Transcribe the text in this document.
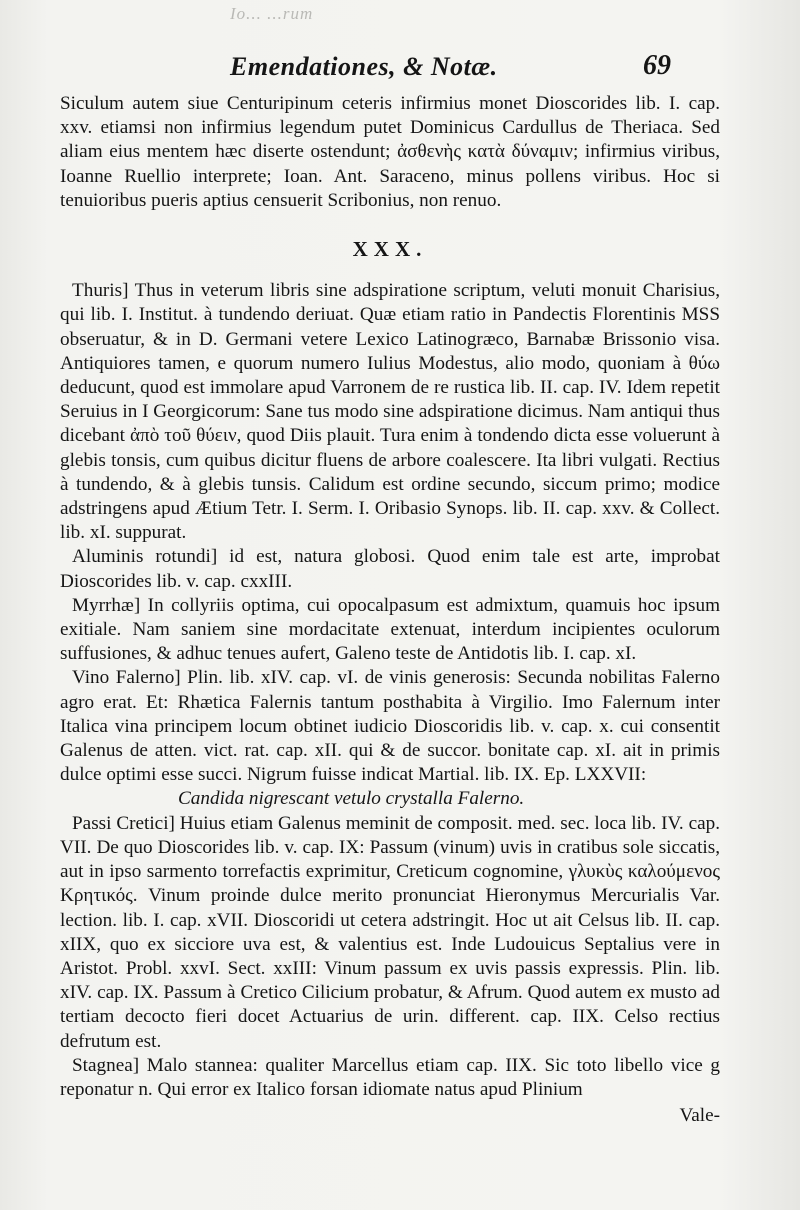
Io... ...rum
Emendationes, & Notæ.	69

Siculum autem siue Centuripinum ceteris infirmius monet Dioscorides lib. I. cap. xxv. etiamsi non infirmius legendum putet Dominicus Cardullus de Theriaca. Sed aliam eius mentem hæc diserte ostendunt; ἀσθενὴς κατὰ δύναμιν; infirmius viribus, Ioanne Ruellio interprete; Ioan. Ant. Saraceno, minus pollens viribus. Hoc si tenuioribus pueris aptius censuerit Scribonius, non renuo.

XXX.

Thuris] Thus in veterum libris sine adspiratione scriptum, veluti monuit Charisius, qui lib. I. Institut. à tundendo deriuat. Quæ etiam ratio in Pandectis Florentinis MSS obseruatur, & in D. Germani vetere Lexico Latinogræco, Barnabæ Brissonio visa. Antiquiores tamen, e quorum numero Iulius Modestus, alio modo, quoniam à θύω deducunt, quod est immolare apud Varronem de re rustica lib. II. cap. IV. Idem repetit Seruius in I Georgicorum: Sane tus modo sine adspiratione dicimus. Nam antiqui thus dicebant ἀπὸ τοῦ θύειν, quod Diis plauit. Tura enim à tondendo dicta esse voluerunt à glebis tonsis, cum quibus dicitur fluens de arbore coalescere. Ita libri vulgati. Rectius à tundendo, & à glebis tunsis. Calidum est ordine secundo, siccum primo; modice adstringens apud Ætium Tetr. I. Serm. I. Oribasio Synops. lib. II. cap. xxv. & Collect. lib. xI. suppurat.

Aluminis rotundi] id est, natura globosi. Quod enim tale est arte, improbat Dioscorides lib. v. cap. cxxIII.

Myrrhæ] In collyriis optima, cui opocalpasum est admixtum, quamuis hoc ipsum exitiale. Nam saniem sine mordacitate extenuat, interdum incipientes oculorum suffusiones, & adhuc tenues aufert, Galeno teste de Antidotis lib. I. cap. xI.

Vino Falerno] Plin. lib. xIV. cap. vI. de vinis generosis: Secunda nobilitas Falerno agro erat. Et: Rhætica Falernis tantum posthabita à Virgilio. Imo Falernum inter Italica vina principem locum obtinet iudicio Dioscoridis lib. v. cap. x. cui consentit Galenus de atten. vict. rat. cap. xII. qui & de succor. bonitate cap. xI. ait in primis dulce optimi esse succi. Nigrum fuisse indicat Martial. lib. IX. Ep. LXXVII:

Candida nigrescant vetulo crystalla Falerno.

Passi Cretici] Huius etiam Galenus meminit de composit. med. sec. loca lib. IV. cap. VII. De quo Dioscorides lib. v. cap. IX: Passum (vinum) uvis in cratibus sole siccatis, aut in ipso sarmento torrefactis exprimitur, Creticum cognomine, γλυκὺς καλούμενος Κρητικός. Vinum proinde dulce merito pronunciat Hieronymus Mercurialis Var. lection. lib. I. cap. xVII. Dioscoridi ut cetera adstringit. Hoc ut ait Celsus lib. II. cap. xIIX, quo ex sicciore uva est, & valentius est. Inde Ludouicus Septalius vere in Aristot. Probl. xxvI. Sect. xxIII: Vinum passum ex uvis passis expressis. Plin. lib. xIV. cap. IX. Passum à Cretico Cilicium probatur, & Afrum. Quod autem ex musto ad tertiam decocto fieri docet Actuarius de urin. different. cap. IIX. Celso rectius defrutum est.

Stagnea] Malo stannea: qualiter Marcellus etiam cap. IIX. Sic toto libello vice g reponatur n. Qui error ex Italico forsan idiomate natus apud Plinium

Vale-
